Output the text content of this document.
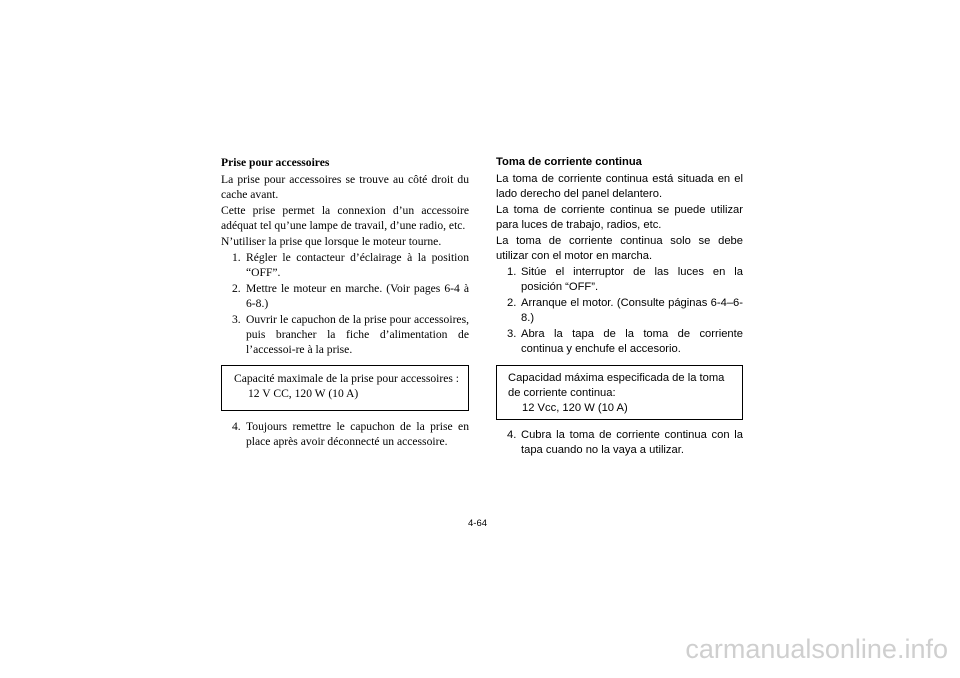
Prise pour accessoires
La prise pour accessoires se trouve au côté droit du cache avant.
Cette prise permet la connexion d’un accessoire adéquat tel qu’une lampe de travail, d’une radio, etc.
N’utiliser la prise que lorsque le moteur tourne.
1. Régler le contacteur d’éclairage à la position “OFF”.
2. Mettre le moteur en marche. (Voir pages 6-4 à 6-8.)
3. Ouvrir le capuchon de la prise pour accessoires, puis brancher la fiche d’alimentation de l’accessoi-re à la prise.
Capacité maximale de la prise pour accessoires :
12 V CC, 120 W (10 A)
4. Toujours remettre le capuchon de la prise en place après avoir déconnecté un accessoire.
Toma de corriente continua
La toma de corriente continua está situada en el lado derecho del panel delantero.
La toma de corriente continua se puede utilizar para luces de trabajo, radios, etc.
La toma de corriente continua solo se debe utilizar con el motor en marcha.
1. Sitúe el interruptor de las luces en la posición “OFF”.
2. Arranque el motor. (Consulte páginas 6-4–6-8.)
3. Abra la tapa de la toma de corriente continua y enchufe el accesorio.
Capacidad máxima especificada de la toma de corriente continua:
12 Vcc, 120 W (10 A)
4. Cubra la toma de corriente continua con la tapa cuando no la vaya a utilizar.
4-64
carmanualsonline.info
